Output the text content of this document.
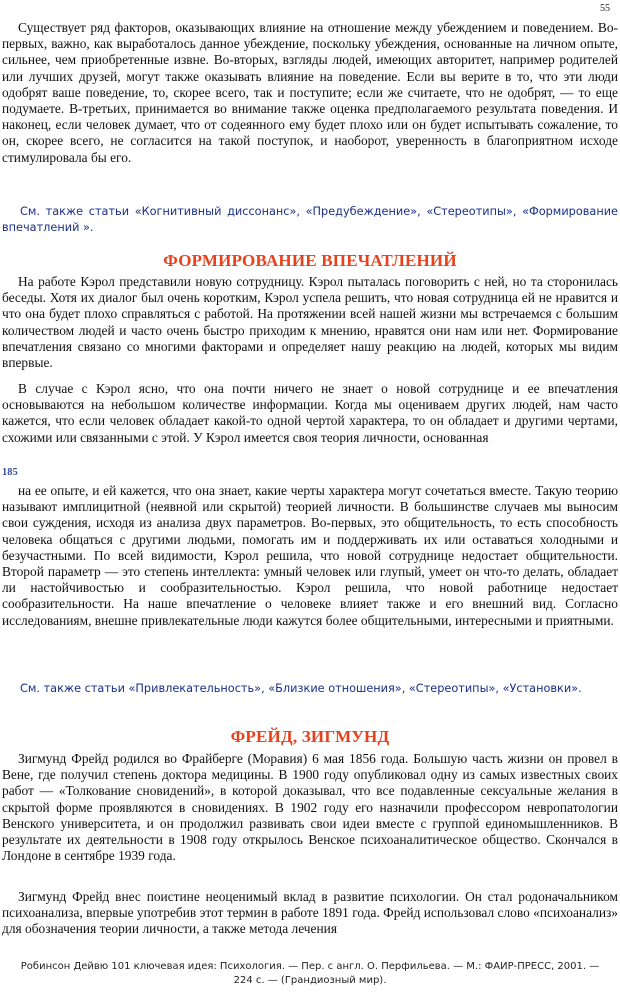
55

Существует ряд факторов, оказывающих влияние на отношение между убеждением и поведением. Во-первых, важно, как выработалось данное убеждение, поскольку убеждения, основанные на личном опыте, сильнее, чем приобретенные извне. Во-вторых, взгляды людей, имеющих авторитет, например родителей или лучших друзей, могут также оказывать влияние на поведение. Если вы верите в то, что эти люди одобрят ваше поведение, то, скорее всего, так и поступите; если же считаете, что не одобрят, — то еще подумаете. В-третьих, принимается во внимание также оценка предполагаемого результата поведения. И наконец, если человек думает, что от содеянного ему будет плохо или он будет испытывать сожаление, то он, скорее всего, не согласится на такой поступок, и наоборот, уверенность в благоприятном исходе стимулировала бы его.

См. также статьи «Когнитивный диссонанс», «Предубеждение», «Стереотипы», «Формирование впечатлений ».

ФОРМИРОВАНИЕ ВПЕЧАТЛЕНИЙ

На работе Кэрол представили новую сотрудницу. Кэрол пыталась поговорить с ней, но та сторонилась беседы. Хотя их диалог был очень коротким, Кэрол успела решить, что новая сотрудница ей не нравится и что она будет плохо справляться с работой. На протяжении всей нашей жизни мы встречаемся с большим количеством людей и часто очень быстро приходим к мнению, нравятся они нам или нет. Формирование впечатления связано со многими факторами и определяет нашу реакцию на людей, которых мы видим впервые.

В случае с Кэрол ясно, что она почти ничего не знает о новой сотруднице и ее впечатления основываются на небольшом количестве информации. Когда мы оцениваем других людей, нам часто кажется, что если человек обладает какой-то одной чертой характера, то он обладает и другими чертами, схожими или связанными с этой. У Кэрол имеется своя теория личности, основанная

185

на ее опыте, и ей кажется, что она знает, какие черты характера могут сочетаться вместе. Такую теорию называют имплицитной (неявной или скрытой) теорией личности. В большинстве случаев мы выносим свои суждения, исходя из анализа двух параметров. Во-первых, это общительность, то есть способность человека общаться с другими людьми, помогать им и поддерживать их или оставаться холодными и безучастными. По всей видимости, Кэрол решила, что новой сотруднице недостает общительности. Второй параметр — это степень интеллекта: умный человек или глупый, умеет он что-то делать, обладает ли настойчивостью и сообразительностью. Кэрол решила, что новой работнице недостает сообразительности. На наше впечатление о человеке влияет также и его внешний вид. Согласно исследованиям, внешне привлекательные люди кажутся более общительными, интересными и приятными.

См. также статьи «Привлекательность», «Близкие отношения», «Стереотипы», «Установки».

ФРЕЙД, ЗИГМУНД

Зигмунд Фрейд родился во Фрайберге (Моравия) 6 мая 1856 года. Большую часть жизни он провел в Вене, где получил степень доктора медицины. В 1900 году опубликовал одну из самых известных своих работ — «Толкование сновидений», в которой доказывал, что все подавленные сексуальные желания в скрытой форме проявляются в сновидениях. В 1902 году его назначили профессором невропатологии Венского университета, и он продолжил развивать свои идеи вместе с группой единомышленников. В результате их деятельности в 1908 году открылось Венское психоаналитическое общество. Скончался в Лондоне в сентябре 1939 года.

Зигмунд Фрейд внес поистине неоценимый вклад в развитие психологии. Он стал родоначальником психоанализа, впервые употребив этот термин в работе 1891 года. Фрейд использовал слово «психоанализ» для обозначения теории личности, а также метода лечения

Робинсон Дейвю 101 ключевая идея: Психология. — Пер. с англ. О. Перфильева. — М.: ФАИР-ПРЕСС, 2001. —
224 с. — (Грандиозный мир).
